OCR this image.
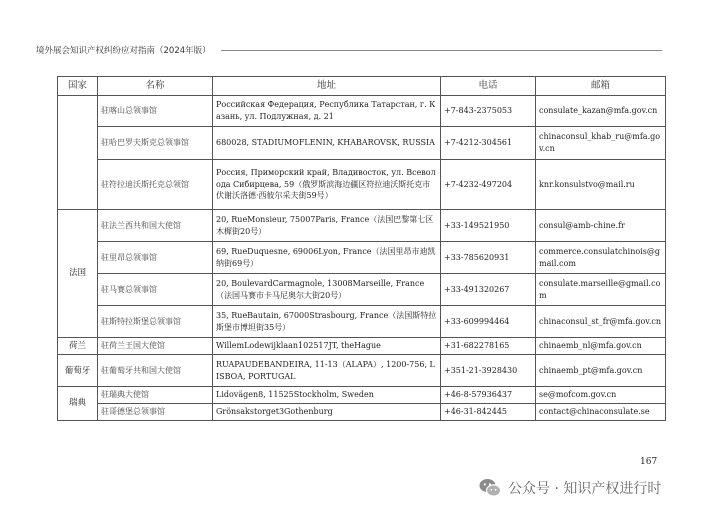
境外展会知识产权纠纷应对指南（2024年版）
国家	名称	地址	电话	邮箱
	驻喀山总领事馆	Российская Федерация, Республика Татарстан, г. Казань, ул. Подлужная, д. 21	+7-843-2375053	consulate_kazan@mfa.gov.cn
	驻哈巴罗夫斯克总领事馆	680028, STADIUMOFLENIN, KHABAROVSK, RUSSIA	+7-4212-304561	chinaconsul_khab_ru@mfa.gov.cn
	驻符拉迪沃斯托克总领馆	Россия, Приморский край, Владивосток, ул. Всеволода Сибирцева, 59（俄罗斯滨海边疆区符拉迪沃斯托克市伏谢沃洛德·西彼尔采夫街59号）	+7-4232-497204	knr.konsulstvo@mail.ru
法国	驻法兰西共和国大使馆	20, RueMonsieur, 75007Paris, France（法国巴黎第七区木樨街20号）	+33-149521950	consul@amb-chine.fr
	驻里昂总领事馆	69, RueDuquesne, 69006Lyon, France（法国里昂市迪凯纳街69号）	+33-785620931	commerce.consulatchinois@gmail.com
	驻马赛总领事馆	20, BoulevardCarmagnole, 13008Marseille, France（法国马赛市卡马尼奥尔大街20号）	+33-491320267	consulate.marseille@gmail.com
	驻斯特拉斯堡总领事馆	35, RueBautain, 67000Strasbourg, France（法国斯特拉斯堡市博坦街35号）	+33-609994464	chinaconsul_st_fr@mfa.gov.cn
荷兰	驻荷兰王国大使馆	WillemLodewijklaan102517JT, theHague	+31-682278165	chinaemb_nl@mfa.gov.cn
葡萄牙	驻葡萄牙共和国大使馆	RUAPAUDEBANDEIRA, 11-13（ALAPA）, 1200-756, LISBOA, PORTUGAL	+351-21-3928430	chinaemb_pt@mfa.gov.cn
瑞典	驻瑞典大使馆	Lidovägen8, 11525Stockholm, Sweden	+46-8-57936437	se@mofcom.gov.cn
	驻哥德堡总领事馆	Grönsakstorget3Gothenburg	+46-31-842445	contact@chinaconsulate.se
167
公众号 · 知识产权进行时
